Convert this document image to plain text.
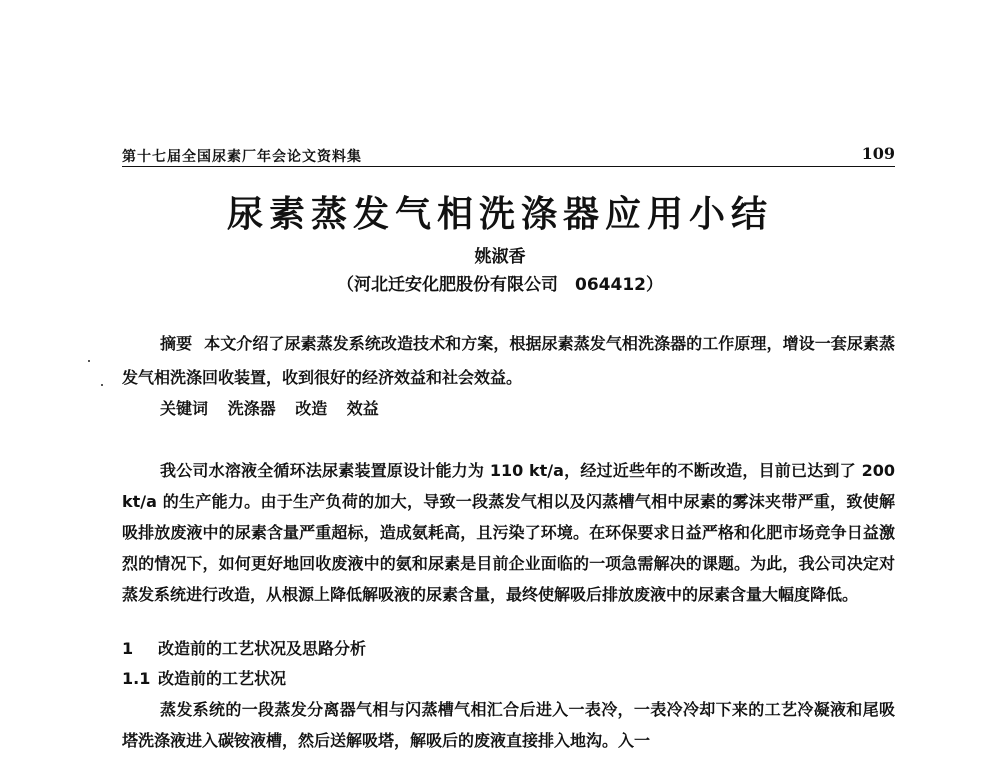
第十七届全国尿素厂年会论文资料集	109
尿素蒸发气相洗涤器应用小结
姚淑香
（河北迁安化肥股份有限公司　064412）

摘要 本文介绍了尿素蒸发系统改造技术和方案，根据尿素蒸发气相洗涤器的工作原理，增设一套尿素蒸发气相洗涤回收装置，收到很好的经济效益和社会效益。

关键词 洗涤器 改造 效益

我公司水溶液全循环法尿素装置原设计能力为 110 kt/a，经过近些年的不断改造，目前已达到了 200 kt/a 的生产能力。由于生产负荷的加大，导致一段蒸发气相以及闪蒸槽气相中尿素的雾沫夹带严重，致使解吸排放废液中的尿素含量严重超标，造成氨耗高，且污染了环境。在环保要求日益严格和化肥市场竞争日益激烈的情况下，如何更好地回收废液中的氨和尿素是目前企业面临的一项急需解决的课题。为此，我公司决定对蒸发系统进行改造，从根源上降低解吸液的尿素含量，最终使解吸后排放废液中的尿素含量大幅度降低。

1 改造前的工艺状况及思路分析
1.1 改造前的工艺状况

蒸发系统的一段蒸发分离器气相与闪蒸槽气相汇合后进入一表冷，一表冷冷却下来的工艺冷凝液和尾吸塔洗涤液进入碳铵液槽，然后送解吸塔，解吸后的废液直接排入地沟。入一
